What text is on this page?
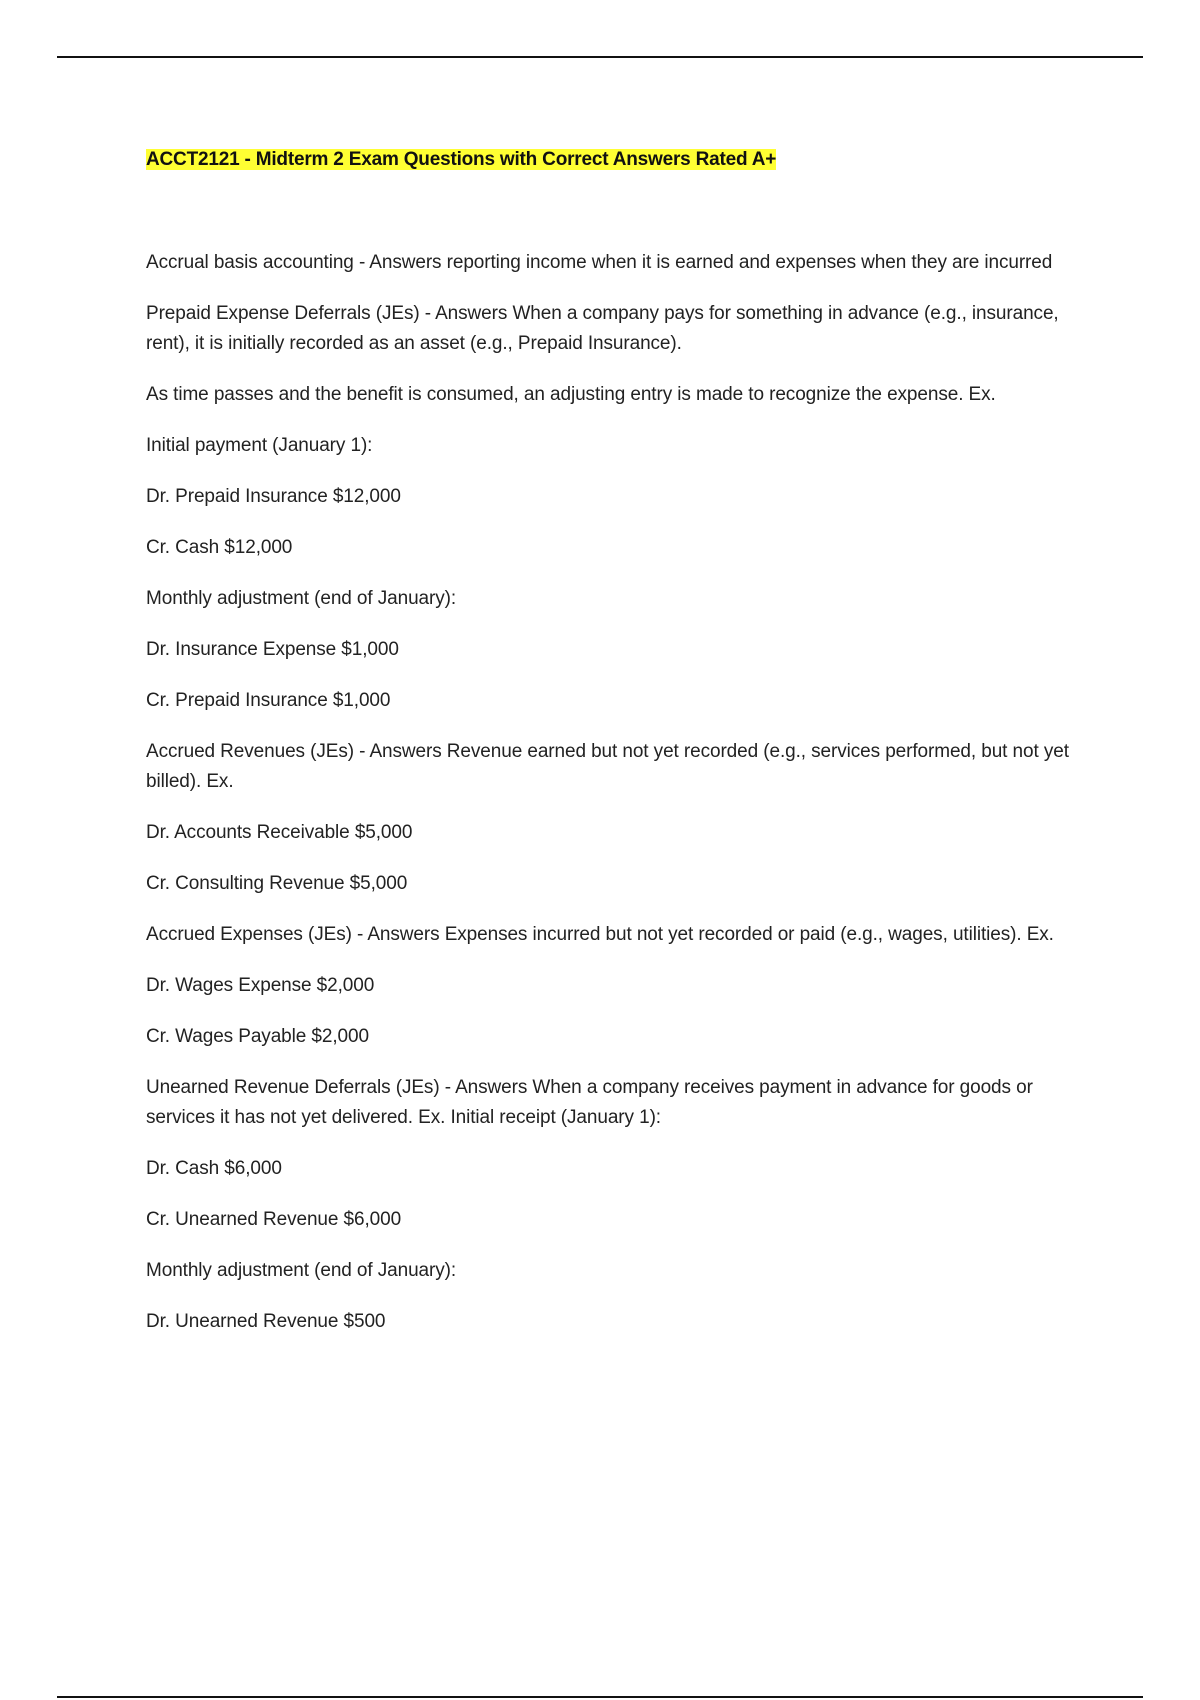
ACCT2121 - Midterm 2 Exam Questions with Correct Answers Rated A+

Accrual basis accounting - Answers reporting income when it is earned and expenses when they are incurred

Prepaid Expense Deferrals (JEs) - Answers When a company pays for something in advance (e.g., insurance, rent), it is initially recorded as an asset (e.g., Prepaid Insurance).

As time passes and the benefit is consumed, an adjusting entry is made to recognize the expense. Ex.

Initial payment (January 1):

Dr. Prepaid Insurance $12,000

Cr. Cash $12,000

Monthly adjustment (end of January):

Dr. Insurance Expense $1,000

Cr. Prepaid Insurance $1,000

Accrued Revenues (JEs) - Answers Revenue earned but not yet recorded (e.g., services performed, but not yet billed). Ex.

Dr. Accounts Receivable $5,000

Cr. Consulting Revenue $5,000

Accrued Expenses (JEs) - Answers Expenses incurred but not yet recorded or paid (e.g., wages, utilities). Ex.

Dr. Wages Expense $2,000

Cr. Wages Payable $2,000

Unearned Revenue Deferrals (JEs) - Answers When a company receives payment in advance for goods or services it has not yet delivered. Ex. Initial receipt (January 1):

Dr. Cash $6,000

Cr. Unearned Revenue $6,000

Monthly adjustment (end of January):

Dr. Unearned Revenue $500
